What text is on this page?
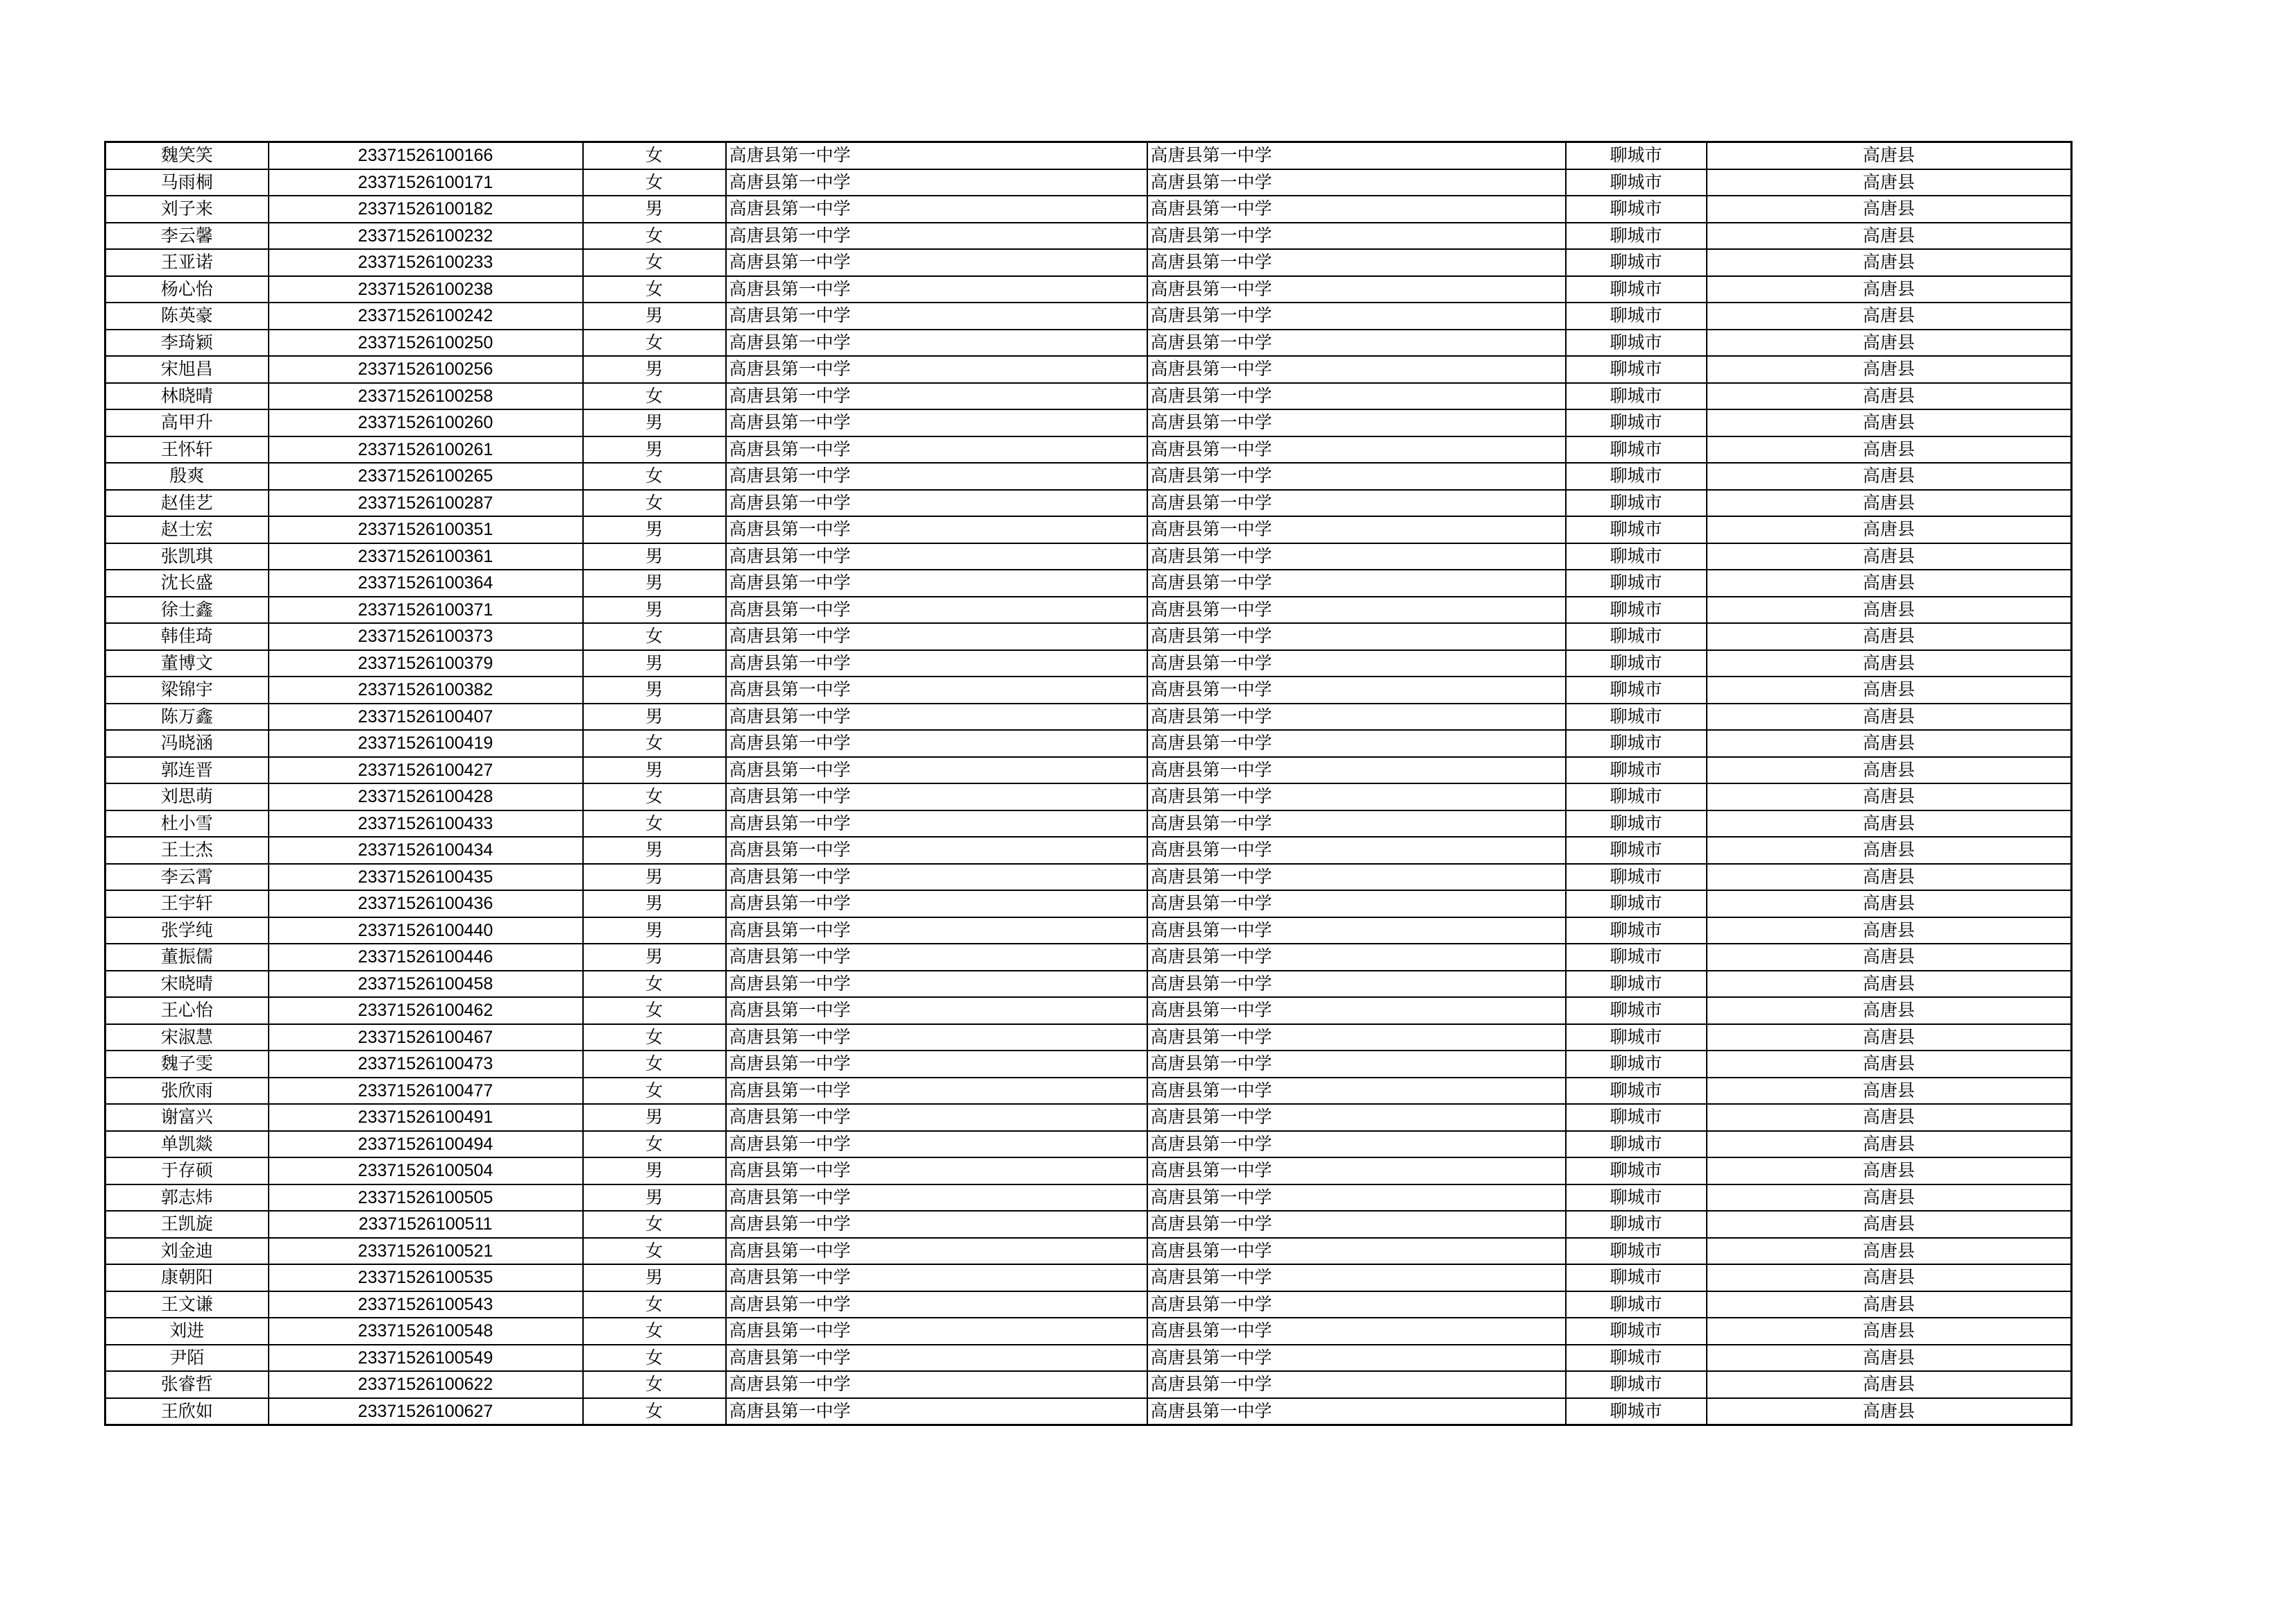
魏笑笑	23371526100166	女	高唐县第一中学	高唐县第一中学	聊城市	高唐县
马雨桐	23371526100171	女	高唐县第一中学	高唐县第一中学	聊城市	高唐县
刘子来	23371526100182	男	高唐县第一中学	高唐县第一中学	聊城市	高唐县
李云馨	23371526100232	女	高唐县第一中学	高唐县第一中学	聊城市	高唐县
王亚诺	23371526100233	女	高唐县第一中学	高唐县第一中学	聊城市	高唐县
杨心怡	23371526100238	女	高唐县第一中学	高唐县第一中学	聊城市	高唐县
陈英豪	23371526100242	男	高唐县第一中学	高唐县第一中学	聊城市	高唐县
李琦颖	23371526100250	女	高唐县第一中学	高唐县第一中学	聊城市	高唐县
宋旭昌	23371526100256	男	高唐县第一中学	高唐县第一中学	聊城市	高唐县
林晓晴	23371526100258	女	高唐县第一中学	高唐县第一中学	聊城市	高唐县
高甲升	23371526100260	男	高唐县第一中学	高唐县第一中学	聊城市	高唐县
王怀轩	23371526100261	男	高唐县第一中学	高唐县第一中学	聊城市	高唐县
殷爽	23371526100265	女	高唐县第一中学	高唐县第一中学	聊城市	高唐县
赵佳艺	23371526100287	女	高唐县第一中学	高唐县第一中学	聊城市	高唐县
赵士宏	23371526100351	男	高唐县第一中学	高唐县第一中学	聊城市	高唐县
张凯琪	23371526100361	男	高唐县第一中学	高唐县第一中学	聊城市	高唐县
沈长盛	23371526100364	男	高唐县第一中学	高唐县第一中学	聊城市	高唐县
徐士鑫	23371526100371	男	高唐县第一中学	高唐县第一中学	聊城市	高唐县
韩佳琦	23371526100373	女	高唐县第一中学	高唐县第一中学	聊城市	高唐县
董博文	23371526100379	男	高唐县第一中学	高唐县第一中学	聊城市	高唐县
梁锦宇	23371526100382	男	高唐县第一中学	高唐县第一中学	聊城市	高唐县
陈万鑫	23371526100407	男	高唐县第一中学	高唐县第一中学	聊城市	高唐县
冯晓涵	23371526100419	女	高唐县第一中学	高唐县第一中学	聊城市	高唐县
郭连晋	23371526100427	男	高唐县第一中学	高唐县第一中学	聊城市	高唐县
刘思萌	23371526100428	女	高唐县第一中学	高唐县第一中学	聊城市	高唐县
杜小雪	23371526100433	女	高唐县第一中学	高唐县第一中学	聊城市	高唐县
王士杰	23371526100434	男	高唐县第一中学	高唐县第一中学	聊城市	高唐县
李云霄	23371526100435	男	高唐县第一中学	高唐县第一中学	聊城市	高唐县
王宇轩	23371526100436	男	高唐县第一中学	高唐县第一中学	聊城市	高唐县
张学纯	23371526100440	男	高唐县第一中学	高唐县第一中学	聊城市	高唐县
董振儒	23371526100446	男	高唐县第一中学	高唐县第一中学	聊城市	高唐县
宋晓晴	23371526100458	女	高唐县第一中学	高唐县第一中学	聊城市	高唐县
王心怡	23371526100462	女	高唐县第一中学	高唐县第一中学	聊城市	高唐县
宋淑慧	23371526100467	女	高唐县第一中学	高唐县第一中学	聊城市	高唐县
魏子雯	23371526100473	女	高唐县第一中学	高唐县第一中学	聊城市	高唐县
张欣雨	23371526100477	女	高唐县第一中学	高唐县第一中学	聊城市	高唐县
谢富兴	23371526100491	男	高唐县第一中学	高唐县第一中学	聊城市	高唐县
单凯燚	23371526100494	女	高唐县第一中学	高唐县第一中学	聊城市	高唐县
于存硕	23371526100504	男	高唐县第一中学	高唐县第一中学	聊城市	高唐县
郭志炜	23371526100505	男	高唐县第一中学	高唐县第一中学	聊城市	高唐县
王凯旋	23371526100511	女	高唐县第一中学	高唐县第一中学	聊城市	高唐县
刘金迪	23371526100521	女	高唐县第一中学	高唐县第一中学	聊城市	高唐县
康朝阳	23371526100535	男	高唐县第一中学	高唐县第一中学	聊城市	高唐县
王文谦	23371526100543	女	高唐县第一中学	高唐县第一中学	聊城市	高唐县
刘进	23371526100548	女	高唐县第一中学	高唐县第一中学	聊城市	高唐县
尹陌	23371526100549	女	高唐县第一中学	高唐县第一中学	聊城市	高唐县
张睿哲	23371526100622	女	高唐县第一中学	高唐县第一中学	聊城市	高唐县
王欣如	23371526100627	女	高唐县第一中学	高唐县第一中学	聊城市	高唐县
